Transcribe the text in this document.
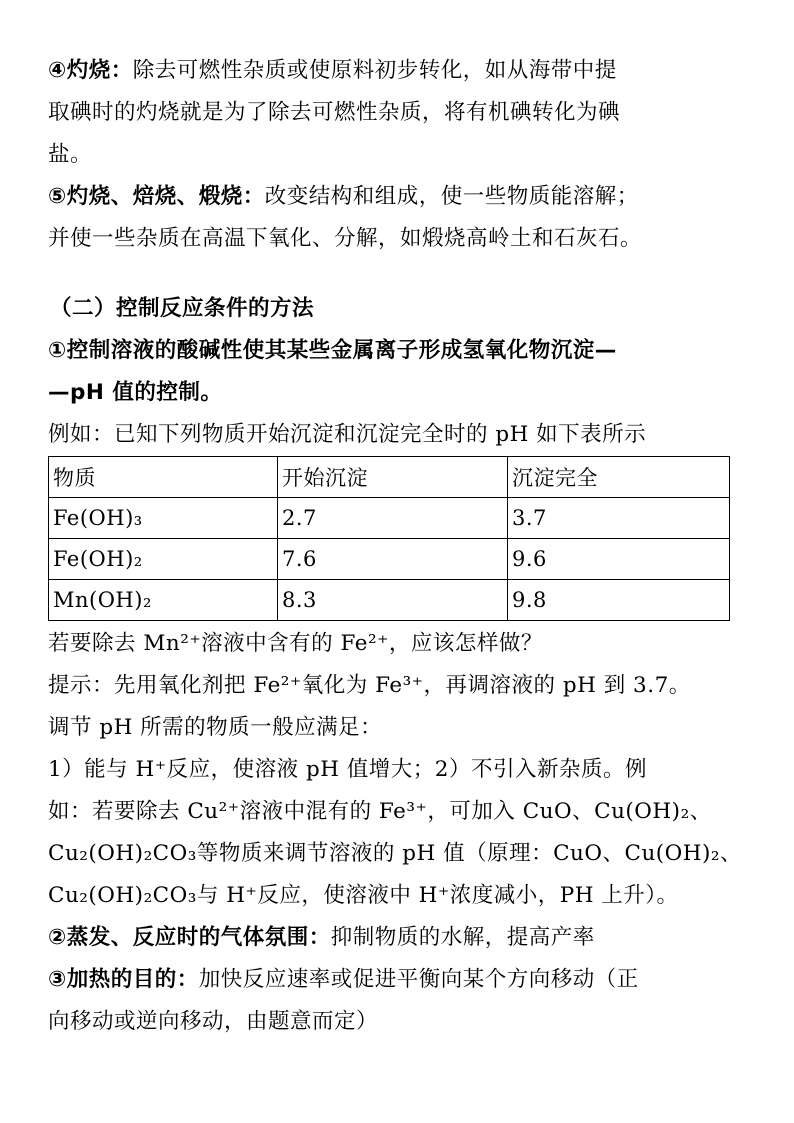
④灼烧：除去可燃性杂质或使原料初步转化，如从海带中提
取碘时的灼烧就是为了除去可燃性杂质，将有机碘转化为碘
盐。
⑤灼烧、焙烧、煅烧：改变结构和组成，使一些物质能溶解；
并使一些杂质在高温下氧化、分解，如煅烧高岭土和石灰石。
（二）控制反应条件的方法
①控制溶液的酸碱性使其某些金属离子形成氢氧化物沉淀—
—pH 值的控制。
例如：已知下列物质开始沉淀和沉淀完全时的 pH 如下表所示
物质	开始沉淀	沉淀完全
Fe(OH)₃	2.7	3.7
Fe(OH)₂	7.6	9.6
Mn(OH)₂	8.3	9.8
若要除去 Mn²⁺溶液中含有的 Fe²⁺，应该怎样做？
提示：先用氧化剂把 Fe²⁺氧化为 Fe³⁺，再调溶液的 pH 到 3.7。
调节 pH 所需的物质一般应满足：
1）能与 H⁺反应，使溶液 pH 值增大；2）不引入新杂质。例
如：若要除去 Cu²⁺溶液中混有的 Fe³⁺，可加入 CuO、Cu(OH)₂、
Cu₂(OH)₂CO₃等物质来调节溶液的 pH 值（原理：CuO、Cu(OH)₂、
Cu₂(OH)₂CO₃与 H⁺反应，使溶液中 H⁺浓度减小，PH 上升）。
②蒸发、反应时的气体氛围：抑制物质的水解，提高产率
③加热的目的：加快反应速率或促进平衡向某个方向移动（正
向移动或逆向移动，由题意而定）
